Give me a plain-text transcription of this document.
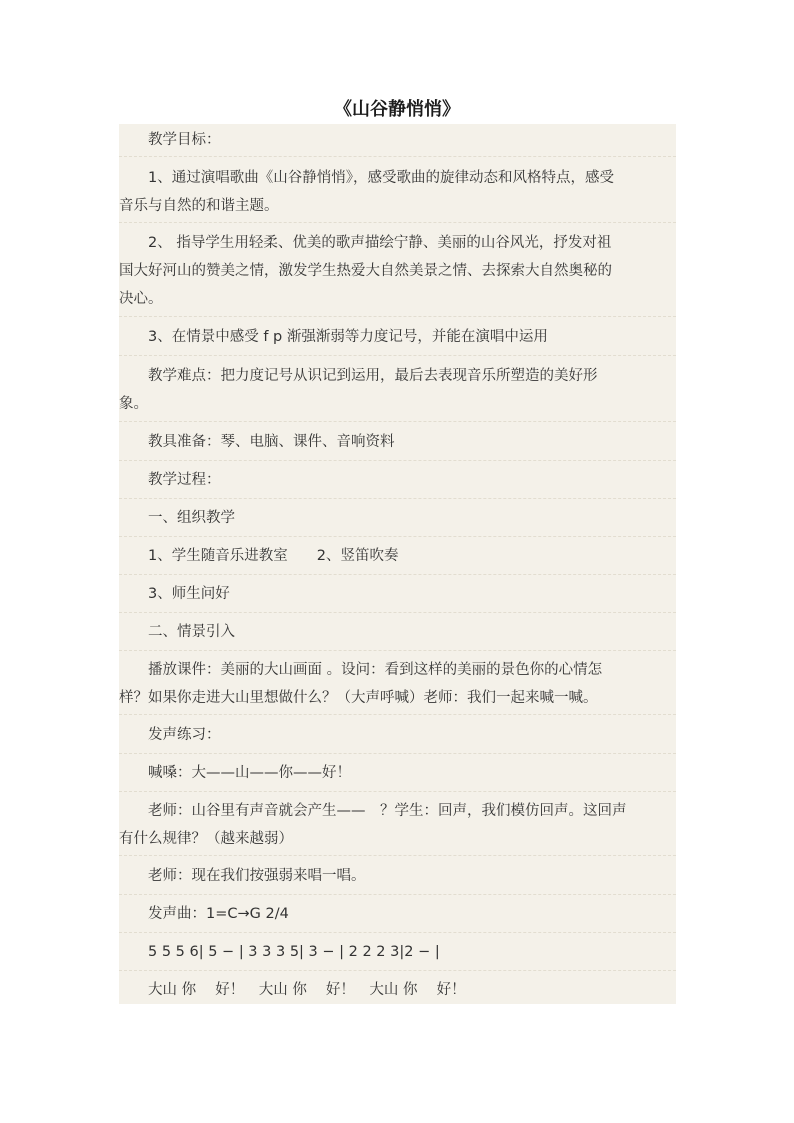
《山谷静悄悄》
教学目标：
1、通过演唱歌曲《山谷静悄悄》，感受歌曲的旋律动态和风格特点，感受
音乐与自然的和谐主题。
2、 指导学生用轻柔、优美的歌声描绘宁静、美丽的山谷风光，抒发对祖
国大好河山的赞美之情，激发学生热爱大自然美景之情、去探索大自然奥秘的
决心。
3、在情景中感受 f p 渐强渐弱等力度记号，并能在演唱中运用
教学难点：把力度记号从识记到运用，最后去表现音乐所塑造的美好形
象。
教具准备：琴、电脑、课件、音响资料
教学过程：
一、组织教学
1、学生随音乐进教室　　2、竖笛吹奏
3、师生问好
二、情景引入
播放课件：美丽的大山画面 。设问：看到这样的美丽的景色你的心情怎
样？如果你走进大山里想做什么？（大声呼喊）老师：我们一起来喊一喊。
发声练习：
喊嗓：大——山——你——好！
老师：山谷里有声音就会产生——　？学生：回声，我们模仿回声。这回声
有什么规律？（越来越弱）
老师：现在我们按强弱来唱一唱。
发声曲：1=C→G 2/4
5 5 5 6| 5 − | 3 3 3 5| 3 − | 2 2 2 3|2 − |
大山 你　 好！　大山 你　 好！　大山 你　 好！
